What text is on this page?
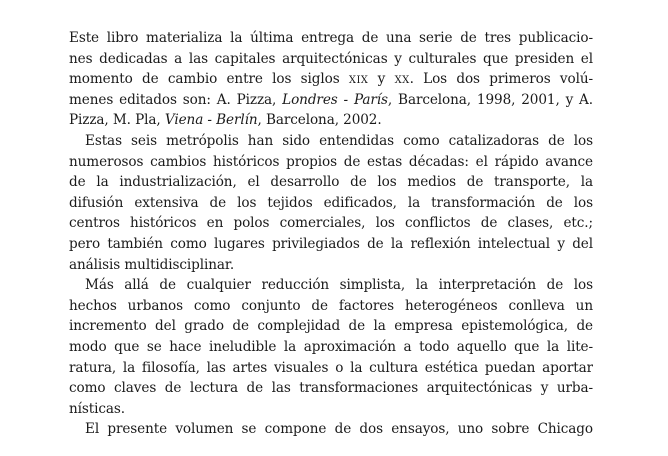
Este libro materializa la última entrega de una serie de tres publicacio-
nes dedicadas a las capitales arquitectónicas y culturales que presiden el
momento de cambio entre los siglos xix y xx. Los dos primeros volú-
menes editados son: A. Pizza, Londres - París, Barcelona, 1998, 2001, y A.
Pizza, M. Pla, Viena - Berlín, Barcelona, 2002.
Estas seis metrópolis han sido entendidas como catalizadoras de los
numerosos cambios históricos propios de estas décadas: el rápido avance
de la industrialización, el desarrollo de los medios de transporte, la
difusión extensiva de los tejidos edificados, la transformación de los
centros históricos en polos comerciales, los conflictos de clases, etc.;
pero también como lugares privilegiados de la reflexión intelectual y del
análisis multidisciplinar.
Más allá de cualquier reducción simplista, la interpretación de los
hechos urbanos como conjunto de factores heterogéneos conlleva un
incremento del grado de complejidad de la empresa epistemológica, de
modo que se hace ineludible la aproximación a todo aquello que la lite-
ratura, la filosofía, las artes visuales o la cultura estética puedan aportar
como claves de lectura de las transformaciones arquitectónicas y urba-
nísticas.
El presente volumen se compone de dos ensayos, uno sobre Chicago
